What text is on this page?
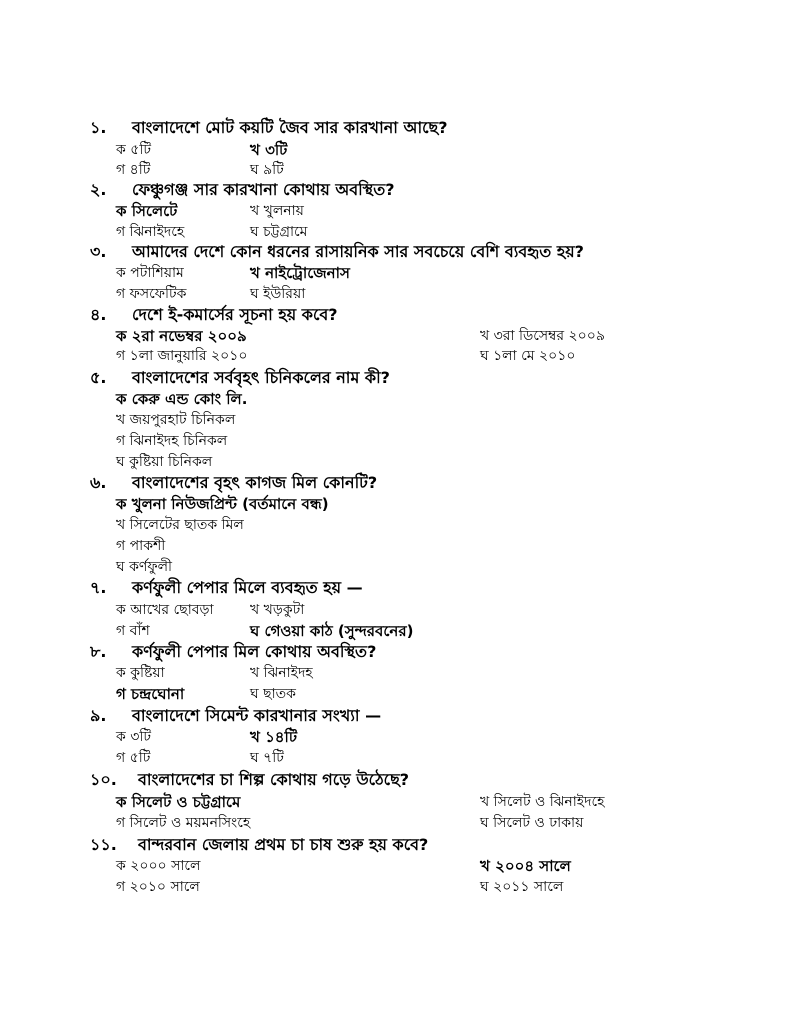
১. বাংলাদেশে মোট কয়টি জৈব সার কারখানা আছে?
ক ৫টি	খ ৩টি
গ ৪টি	ঘ ৯টি
২. ফেঞ্চুগঞ্জ সার কারখানা কোথায় অবস্থিত?
ক সিলেটে	খ খুলনায়
গ ঝিনাইদহে	ঘ চট্টগ্রামে
৩. আমাদের দেশে কোন ধরনের রাসায়নিক সার সবচেয়ে বেশি ব্যবহৃত হয়?
ক পটাশিয়াম	খ নাইট্রোজেনাস
গ ফসফেটিক	ঘ ইউরিয়া
৪. দেশে ই-কমার্সের সূচনা হয় কবে?
ক ২রা নভেম্বর ২০০৯	খ ৩রা ডিসেম্বর ২০০৯
গ ১লা জানুয়ারি ২০১০	ঘ ১লা মে ২০১০
৫. বাংলাদেশের সর্ববৃহৎ চিনিকলের নাম কী?
ক কেরু এন্ড কোং লি.
খ জয়পুরহাট চিনিকল
গ ঝিনাইদহ চিনিকল
ঘ কুষ্টিয়া চিনিকল
৬. বাংলাদেশের বৃহৎ কাগজ মিল কোনটি?
ক খুলনা নিউজপ্রিন্ট (বর্তমানে বন্ধ)
খ সিলেটের ছাতক মিল
গ পাকশী
ঘ কর্ণফুলী
৭. কর্ণফুলী পেপার মিলে ব্যবহৃত হয় —
ক আখের ছোবড়া	খ খড়কুটা
গ বাঁশ	ঘ গেওয়া কাঠ (সুন্দরবনের)
৮. কর্ণফুলী পেপার মিল কোথায় অবস্থিত?
ক কুষ্টিয়া	খ ঝিনাইদহ
গ চন্দ্রঘোনা	ঘ ছাতক
৯. বাংলাদেশে সিমেন্ট কারখানার সংখ্যা —
ক ৩টি	খ ১৪টি
গ ৫টি	ঘ ৭টি
১০. বাংলাদেশের চা শিল্প কোথায় গড়ে উঠেছে?
ক সিলেট ও চট্টগ্রামে	খ সিলেট ও ঝিনাইদহে
গ সিলেট ও ময়মনসিংহে	ঘ সিলেট ও ঢাকায়
১১. বান্দরবান জেলায় প্রথম চা চাষ শুরু হয় কবে?
ক ২০০০ সালে	খ ২০০৪ সালে
গ ২০১০ সালে	ঘ ২০১১ সালে
